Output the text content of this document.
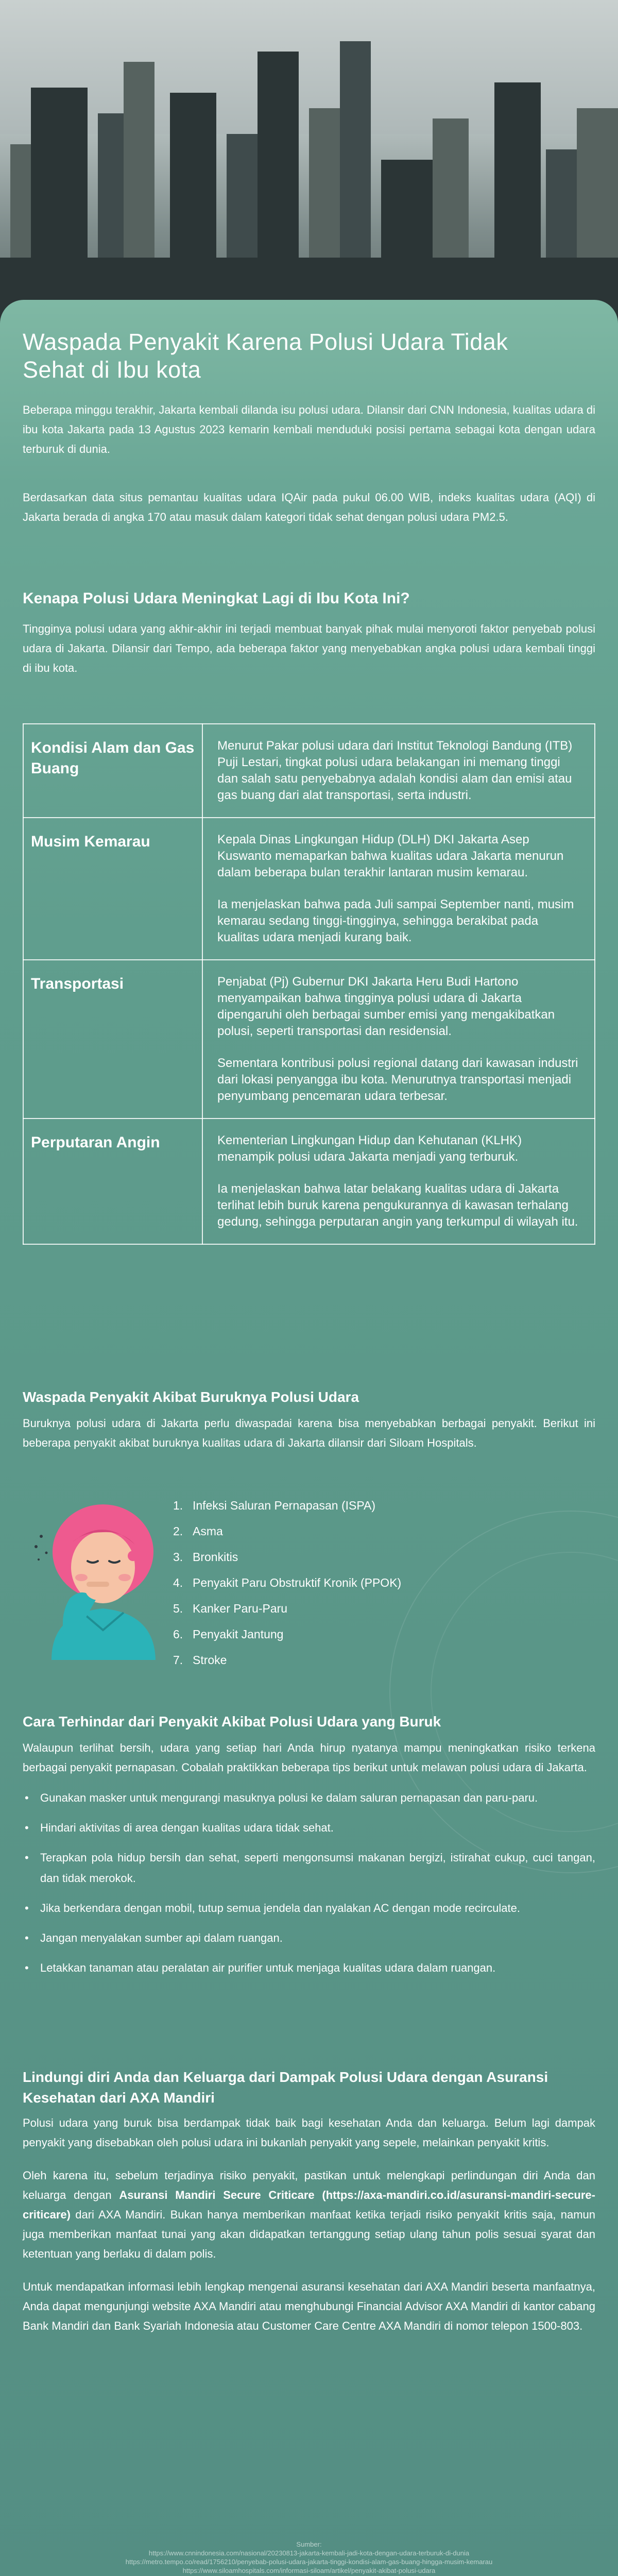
Waspada Penyakit Karena Polusi Udara Tidak Sehat di Ibu kota

Beberapa minggu terakhir, Jakarta kembali dilanda isu polusi udara. Dilansir dari CNN Indonesia, kualitas udara di ibu kota Jakarta pada 13 Agustus 2023 kemarin kembali menduduki posisi pertama sebagai kota dengan udara terburuk di dunia.

Berdasarkan data situs pemantau kualitas udara IQAir pada pukul 06.00 WIB, indeks kualitas udara (AQI) di Jakarta berada di angka 170 atau masuk dalam kategori tidak sehat dengan polusi udara PM2.5.

Kenapa Polusi Udara Meningkat Lagi di Ibu Kota Ini?

Tingginya polusi udara yang akhir-akhir ini terjadi membuat banyak pihak mulai menyoroti faktor penyebab polusi udara di Jakarta. Dilansir dari Tempo, ada beberapa faktor yang menyebabkan angka polusi udara kembali tinggi di ibu kota.

Kondisi Alam dan Gas Buang	Menurut Pakar polusi udara dari Institut Teknologi Bandung (ITB) Puji Lestari, tingkat polusi udara belakangan ini memang tinggi dan salah satu penyebabnya adalah kondisi alam dan emisi atau gas buang dari alat transportasi, serta industri.

Musim Kemarau	Kepala Dinas Lingkungan Hidup (DLH) DKI Jakarta Asep Kuswanto memaparkan bahwa kualitas udara Jakarta menurun dalam beberapa bulan terakhir lantaran musim kemarau.
Ia menjelaskan bahwa pada Juli sampai September nanti, musim kemarau sedang tinggi-tingginya, sehingga berakibat pada kualitas udara menjadi kurang baik.

Transportasi	Penjabat (Pj) Gubernur DKI Jakarta Heru Budi Hartono menyampaikan bahwa tingginya polusi udara di Jakarta dipengaruhi oleh berbagai sumber emisi yang mengakibatkan polusi, seperti transportasi dan residensial.
Sementara kontribusi polusi regional datang dari kawasan industri dari lokasi penyangga ibu kota. Menurutnya transportasi menjadi penyumbang pencemaran udara terbesar.

Perputaran Angin	Kementerian Lingkungan Hidup dan Kehutanan (KLHK) menampik polusi udara Jakarta menjadi yang terburuk.
Ia menjelaskan bahwa latar belakang kualitas udara di Jakarta terlihat lebih buruk karena pengukurannya di kawasan terhalang gedung, sehingga perputaran angin yang terkumpul di wilayah itu.
Waspada Penyakit Akibat Buruknya Polusi Udara

Buruknya polusi udara di Jakarta perlu diwaspadai karena bisa menyebabkan berbagai penyakit. Berikut ini beberapa penyakit akibat buruknya kualitas udara di Jakarta dilansir dari Siloam Hospitals.

1. Infeksi Saluran Pernapasan (ISPA)
2. Asma
3. Bronkitis
4. Penyakit Paru Obstruktif Kronik (PPOK)
5. Kanker Paru-Paru
6. Penyakit Jantung
7. Stroke
Cara Terhindar dari Penyakit Akibat Polusi Udara yang Buruk

Walaupun terlihat bersih, udara yang setiap hari Anda hirup nyatanya mampu meningkatkan risiko terkena berbagai penyakit pernapasan. Cobalah praktikkan beberapa tips berikut untuk melawan polusi udara di Jakarta.

• Gunakan masker untuk mengurangi masuknya polusi ke dalam saluran pernapasan dan paru-paru.
• Hindari aktivitas di area dengan kualitas udara tidak sehat.
• Terapkan pola hidup bersih dan sehat, seperti mengonsumsi makanan bergizi, istirahat cukup, cuci tangan, dan tidak merokok.
• Jika berkendara dengan mobil, tutup semua jendela dan nyalakan AC dengan mode recirculate.
• Jangan menyalakan sumber api dalam ruangan.
• Letakkan tanaman atau peralatan air purifier untuk menjaga kualitas udara dalam ruangan.
Lindungi diri Anda dan Keluarga dari Dampak Polusi Udara dengan Asuransi Kesehatan dari AXA Mandiri

Polusi udara yang buruk bisa berdampak tidak baik bagi kesehatan Anda dan keluarga. Belum lagi dampak penyakit yang disebabkan oleh polusi udara ini bukanlah penyakit yang sepele, melainkan penyakit kritis.

Oleh karena itu, sebelum terjadinya risiko penyakit, pastikan untuk melengkapi perlindungan diri Anda dan keluarga dengan Asuransi Mandiri Secure Criticare (https://axa-mandiri.co.id/asuransi-mandiri-secure-criticare) dari AXA Mandiri. Bukan hanya memberikan manfaat ketika terjadi risiko penyakit kritis saja, namun juga memberikan manfaat tunai yang akan didapatkan tertanggung setiap ulang tahun polis sesuai syarat dan ketentuan yang berlaku di dalam polis.

Untuk mendapatkan informasi lebih lengkap mengenai asuransi kesehatan dari AXA Mandiri beserta manfaatnya, Anda dapat mengunjungi website AXA Mandiri atau menghubungi Financial Advisor AXA Mandiri di kantor cabang Bank Mandiri dan Bank Syariah Indonesia atau Customer Care Centre AXA Mandiri di nomor telepon 1500-803.

Sumber:
https://www.cnnindonesia.com/nasional/20230813-jakarta-kembali-jadi-kota-dengan-udara-terburuk-di-dunia
https://metro.tempo.co/read/1756210/penyebab-polusi-udara-jakarta-tinggi-kondisi-alam-gas-buang-hingga-musim-kemarau
https://www.siloamhospitals.com/informasi-siloam/artikel/penyakit-akibat-polusi-udara
